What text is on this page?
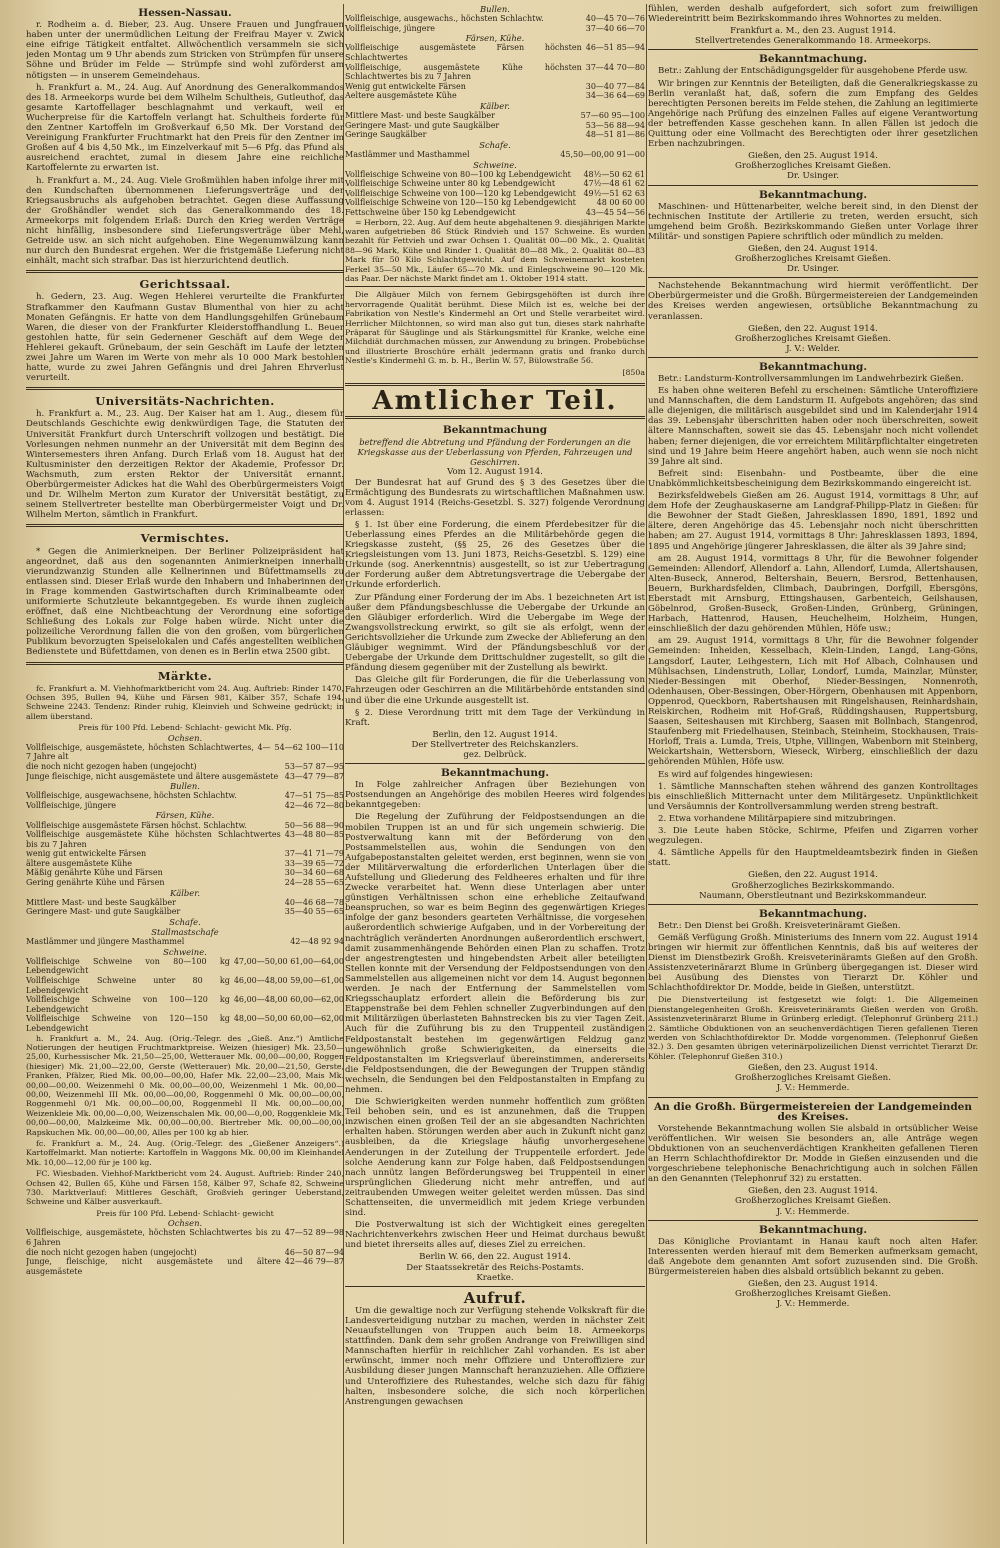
Hessen-Nassau.

r. Rodheim a. d. Bieber, 23. Aug. Unsere Frauen und Jungfrauen haben unter der unermüdlichen Leitung der Freifrau Mayer v. Zwick eine eifrige Tätigkeit entfaltet. Allwöchentlich versammeln sie sich jeden Montag um 9 Uhr abends zum Stricken von Strümpfen für unsere Söhne und Brüder im Felde — Strümpfe sind wohl zuförderst am nötigsten — in unserem Gemeindehaus.

h. Frankfurt a. M., 24. Aug. Auf Anordnung des Generalkommandos des 18. Armeekorps wurde bei dem Wilhelm Schultheis, Gutleuthof, das gesamte Kartoffellager beschlagnahmt und verkauft, weil er Wucherpreise für die Kartoffeln verlangt hat. Schultheis forderte für den Zentner Kartoffeln im Großverkauf 6,50 Mk. Der Vorstand der Vereinigung Frankfurter Fruchtmarkt hat den Preis für den Zentner im Großen auf 4 bis 4,50 Mk., im Einzelverkauf mit 5—6 Pfg. das Pfund als ausreichend erachtet, zumal in diesem Jahre eine reichliche Kartoffelernte zu erwarten ist.

h. Frankfurt a. M., 24. Aug. Viele Großmühlen haben infolge ihrer mit den Kundschaften übernommenen Lieferungsverträge und der Kriegsausbruchs als aufgehoben betrachtet. Gegen diese Auffassung der Großhändler wendet sich das Generalkommando des 18. Armeekorps mit folgendem Erlaß: Durch den Krieg werden Verträge nicht hinfällig, insbesondere sind Lieferungsverträge über Mehl, Getreide usw. an sich nicht aufgehoben. Eine Wegenumwälzung kann nur durch den Bundesrat ergehen. Wer die fristgemäße Lieferung nicht einhält, macht sich strafbar. Das ist hierzurichtend deutlich.

Gerichtssaal.

h. Gedern, 23. Aug. Wegen Hehlerei verurteilte die Frankfurter Strafkammer den Kaufmann Gustav Blumenthal von hier zu acht Monaten Gefängnis. Er hatte von dem Handlungsgehilfen Grünebaum Waren, die dieser von der Frankfurter Kleiderstoffhandlung L. Beuer gestohlen hatte, für sein Gedernener Geschäft auf dem Wege der Hehlerei gekauft. Grünebaum, der sein Geschäft im Laufe der letzten zwei Jahre um Waren im Werte von mehr als 10 000 Mark bestohlen hatte, wurde zu zwei Jahren Gefängnis und drei Jahren Ehrverlust verurteilt.

Universitäts-Nachrichten.

h. Frankfurt a. M., 23. Aug. Der Kaiser hat am 1. Aug., diesem für Deutschlands Geschichte ewig denkwürdigen Tage, die Statuten der Universität Frankfurt durch Unterschrift vollzogen und bestätigt. Die Vorlesungen nehmen nunmehr an der Universität mit dem Beginn des Wintersemesters ihren Anfang. Durch Erlaß vom 18. August hat der Kultusminister den derzeitigen Rektor der Akademie, Professor Dr. Wachsmuth, zum ersten Rektor der Universität ernannt. Oberbürgermeister Adickes hat die Wahl des Oberbürgermeisters Voigt und Dr. Wilhelm Merton zum Kurator der Universität bestätigt, zu seinem Stellvertreter bestellte man Oberbürgermeister Voigt und Dr. Wilhelm Merton, sämtlich in Frankfurt.

Vermischtes.

* Gegen die Animierkneipen. Der Berliner Polizeipräsident hat angeordnet, daß aus den sogenannten Animierkneipen innerhalb vierundzwanzig Stunden alle Kellnerinnen und Büfettmamsells zu entlassen sind. Dieser Erlaß wurde den Inhabern und Inhaberinnen der in Frage kommenden Gastwirtschaften durch Kriminalbeamte oder uniformierte Schutzleute bekanntgegeben. Es wurde ihnen zugleich eröffnet, daß eine Nichtbeachtung der Verordnung eine sofortige Schließung des Lokals zur Folge haben würde. Nicht unter die polizeiliche Verordnung fallen die von den großen, vom bürgerlichen Publikum bevorzugten Speiselokalen und Cafés angestellten weiblichen Bedienstete und Büfettdamen, von denen es in Berlin etwa 2500 gibt.

Märkte.

fc. Frankfurt a. M. Viehhofmarktbericht vom 24. Aug. Auftrieb: Rinder 1470, Ochsen 395, Bullen 94, Kühe und Färsen 981, Kälber 357, Schafe 194, Schweine 2243. Tendenz: Rinder ruhig, Kleinvieh und Schweine gedrückt; in allem überstand.

Preis für 100 Pfd. Lebend- Schlacht- gewicht Mk. Pfg.
Ochsen.
Vollfleischige, ausgemästete, höchsten Schlachtwertes, 4—7 Jahre alt
54—62 100—110
die noch nicht gezogen haben (ungejocht)	53—57 87—95
Junge fleischige, nicht ausgemästete und ältere ausgemästete 43—47 79—87
Bullen.
Vollfleischige, ausgewachsene, höchsten Schlachtw.	47—51 75—85
Vollfleischige, jüngere	42—46 72—80
Färsen, Kühe.
Vollfleischige ausgemästete Färsen höchst. Schlachtw.	50—56 88—90
Vollfleischige ausgemästete Kühe höchsten Schlachtwertes bis zu 7 Jahren
43—48 80—85
wenig gut entwickelte Färsen	37—41 71—79
ältere ausgemästete Kühe	33—39 65—72
Mäßig genährte Kühe und Färsen	30—34 60—68
Gering genährte Kühe und Färsen	24—28 55—65
Kälber.
Mittlere Mast- und beste Saugkälber	40—46 68—78
Geringere Mast- und gute Saugkälber	35—40 55—65
Schafe.
Stallmastschafe
Mastlämmer und jüngere Masthammel	42—48 92 94
Schweine.
Vollfleischige Schweine von 80—100 kg Lebendgewicht
47,00—50,00 61,00—64,00
Vollfleischige Schweine unter 80 kg Lebendgewicht
46,00—48,00 59,00—61,00
Vollfleischige Schweine von 100—120 kg Lebendgewicht
46,00—48,00 60,00—62,00
Vollfleischige Schweine von 120—150 kg Lebendgewicht
48,00—50,00 60,00—62,00

h. Frankfurt a. M., 24. Aug. (Orig.-Telegr. des „Gieß. Anz.“) Amtliche Notierungen der heutigen Fruchtmarktpreise. Weizen (hiesiger) Mk. 23,50—25,00, Kurhessischer Mk. 21,50—25,00, Wetterauer Mk. 00,00—00,00, Roggen (hiesiger) Mk. 21,00—22,00, Gerste (Wetterauer) Mk. 20,00—21,50, Gerste, Franken, Pfälzer, Ried Mk. 00,00—00,00, Hafer Mk. 22,00—23,00, Mais Mk. 00,00—00,00. Weizenmehl 0 Mk. 00,00—00,00, Weizenmehl 1 Mk. 00,00—00,00, Weizenmehl III Mk. 00,00—00,00, Roggenmehl 0 Mk. 00,00—00,00, Roggenmehl 0/1 Mk. 00,00—00,00, Roggenmehl II Mk. 00,00—00,00, Weizenkleie Mk. 00,00—0,00, Weizenschalen Mk. 00,00—0,00, Roggenkleie Mk. 00,00—00,00, Malzkeime Mk. 00,00—00,00. Biertreber Mk. 00,00—00,00, Rapskuchen Mk. 00,00—00,00, Alles per 100 kg ab hier.

fc. Frankfurt a. M., 24. Aug. (Orig.-Telegr. des „Gießener Anzeigers“.) Kartoffelmarkt. Man notierte: Kartoffeln in Waggons Mk. 00,00 im Kleinhandel Mk. 10,00—12,00 für je 100 kg.

FC. Wiesbaden. Viehhof-Marktbericht vom 24. August. Auftrieb: Rinder 240, Ochsen 42, Bullen 65, Kühe und Färsen 158, Kälber 97, Schafe 82, Schweine 730. Marktverlauf: Mittleres Geschäft, Großvieh geringer Ueberstand, Schweine und Kälber ausverkauft.

Preis für 100 Pfd. Lebend- Schlacht- gewicht
Ochsen.
Vollfleischige, ausgemästete, höchsten Schlachtwertes bis zu 6 Jahren
47—52 89—98
die noch nicht gezogen haben (ungejocht)	46—50 87—94
Junge, fleischige, nicht ausgemästete und ältere ausgemästete
42—46 79—87
Bullen.
Vollfleischige, ausgewachs., höchsten Schlachtw.	40—45 70—76
Vollfleischige, jüngere	37—40 66—70
Färsen, Kühe.
Vollfleischige ausgemästete Färsen höchsten Schlachtwertes
46—51 85—94
Vollfleischige, ausgemästete Kühe höchsten Schlachtwertes bis zu 7 Jahren
37—44 70—80
Wenig gut entwickelte Färsen	30—40 77—84
Aeltere ausgemästete Kühe	34—36 64—69
Kälber.
Mittlere Mast- und beste Saugkälber	57—60 95—100
Geringere Mast- und gute Saugkälber	53—56 88—94
Geringe Saugkälber	48—51 81—86
Schafe.
Mastlämmer und Masthammel	45,50—00,00 91—00
Schweine.
Vollfleischige Schweine von 80—100 kg Lebendgewicht 48½—50 62 61
Vollfleischige Schweine unter 80 kg Lebendgewicht	47½—48 61 62
Vollfleischige Schweine von 100—120 kg Lebendgewicht 49½—51 62 63
Vollfleischige Schweine von 120—150 kg Lebendgewicht	48 00 60 00
Fettschweine über 150 kg Lebendgewicht	43—45 54—56

= Herborn, 22. Aug. Auf dem heute abgehaltenen 9. diesjährigen Markte waren aufgetrieben 86 Stück Rindvieh und 157 Schweine. Es wurden bezahlt für Fettvieh und zwar Ochsen 1. Qualität 00—00 Mk., 2. Qualität 88—96 Mark, Kühe und Rinder 1. Qualität 80—88 Mk., 2. Qualität 80—83 Mark für 50 Kilo Schlachtgewicht. Auf dem Schweinemarkt kosteten Ferkel 35—50 Mk., Läufer 65—70 Mk. und Einlegschweine 90—120 Mk. das Paar. Der nächste Markt findet am 1. Oktober 1914 statt.

Die Allgäuer Milch von fernem Gebirgsgehöften ist durch ihre hervorragende Qualität berühmt. Diese Milch ist es, welche bei der Fabrikation von Nestle's Kindermehl an Ort und Stelle verarbeitet wird. Herrlicher Milchtonnen, so wird man also gut tun, dieses stark nahrhafte Präparat für Säuglinge und als Stärkungsmittel für Kranke, welche eine Milchdiät durchmachen müssen, zur Anwendung zu bringen. Probebüchse und illustrierte Broschüre erhält jedermann gratis und franko durch Nestle's Kindermehl G. m. b. H., Berlin W. 57, Bülowstraße 56.

[850a
Amtlicher Teil.
Bekanntmachung
betreffend die Abtretung und Pfändung der Forderungen an die Kriegskasse aus der Ueberlassung von Pferden, Fahrzeugen und Geschirren.
Vom 12. August 1914.

Der Bundesrat hat auf Grund des § 3 des Gesetzes über die Ermächtigung des Bundesrats zu wirtschaftlichen Maßnahmen usw. vom 4. August 1914 (Reichs-Gesetzbl. S. 327) folgende Verordnung erlassen:

§ 1. Ist über eine Forderung, die einem Pferdebesitzer für die Ueberlassung eines Pferdes an die Militärbehörde gegen die Kriegskasse zusteht, (§§ 25, 26 des Gesetzes über die Kriegsleistungen vom 13. Juni 1873, Reichs-Gesetzbl. S. 129) eine Urkunde (sog. Anerkenntnis) ausgestellt, so ist zur Uebertragung der Forderung außer dem Abtretungsvertrage die Uebergabe der Urkunde erforderlich.

Zur Pfändung einer Forderung der im Abs. 1 bezeichneten Art ist außer dem Pfändungsbeschlusse die Uebergabe der Urkunde an den Gläubiger erforderlich. Wird die Uebergabe im Wege der Zwangsvollstreckung erwirkt, so gilt sie als erfolgt, wenn der Gerichtsvollzieher die Urkunde zum Zwecke der Ablieferung an den Gläubiger wegnimmt. Wird der Pfändungsbeschluß vor der Uebergabe der Urkunde dem Drittschuldner zugestellt, so gilt die Pfändung diesem gegenüber mit der Zustellung als bewirkt.

Das Gleiche gilt für Forderungen, die für die Ueberlassung von Fahrzeugen oder Geschirren an die Militärbehörde entstanden sind und über die eine Urkunde ausgestellt ist.

§ 2. Diese Verordnung tritt mit dem Tage der Verkündung in Kraft.

Berlin, den 12. August 1914.
Der Stellvertreter des Reichskanzlers.
gez. Delbrück.
Bekanntmachung.

In Folge zahlreicher Anfragen über Beziehungen von Postsendungen an Angehörige des mobilen Heeres wird folgendes bekanntgegeben:

Die Regelung der Zuführung der Feldpostsendungen an die mobilen Truppen ist an und für sich ungemein schwierig. Die Postverwaltung kann mit der Beförderung von den Postsammelstellen aus, wohin die Sendungen von den Aufgabepostanstalten geleitet werden, erst beginnen, wenn sie von der Militärverwaltung die erforderlichen Unterlagen über die Aufstellung und Gliederung des Feldheeres erhalten und für ihre Zwecke verarbeitet hat. Wenn diese Unterlagen aber unter günstigen Verhältnissen schon eine erhebliche Zeitaufwand beanspruchen, so war es beim Beginn des gegenwärtigen Krieges infolge der ganz besonders gearteten Verhältnisse, die vorgesehen außerordentlich schwierige Aufgaben, und in der Vorbereitung der nachträglich veränderten Anordnungen außerordentlich erschwert, damit zusammenhängende Behörden einen Plan zu schaffen. Trotz der angestrengtesten und hingebendsten Arbeit aller beteiligten Stellen konnte mit der Versendung der Feldpostsendungen von den Sammelstellen aus allgemeinen nicht vor dem 14. August begonnen werden. Je nach der Entfernung der Sammelstellen vom Kriegsschauplatz erfordert allein die Beförderung bis zur Etappenstraße bei dem Fehlen schneller Zugverbindungen auf den mit Militärzügen überlasteten Bahnstrecken bis zu vier Tagen Zeit. Auch für die Zuführung bis zu den Truppenteil zuständigen Feldpostanstalt bestehen im gegenwärtigen Feldzug ganz ungewöhnlich große Schwierigkeiten, da einerseits die Feldpostanstalten im Kriegsverlauf übereinstimmen, andererseits die Feldpostsendungen, die der Bewegungen der Truppen ständig wechseln, die Sendungen bei den Feldpostanstalten in Empfang zu nehmen.

Die Schwierigkeiten werden nunmehr hoffentlich zum größten Teil behoben sein, und es ist anzunehmen, daß die Truppen inzwischen einen großen Teil der an sie abgesandten Nachrichten erhalten haben. Störungen werden aber auch in Zukunft nicht ganz ausbleiben, da die Kriegslage häufig unvorhergesehene Aenderungen in der Zuteilung der Truppenteile erfordert. Jede solche Aenderung kann zur Folge haben, daß Feldpostsendungen nach unnütz langen Beförderungsweg bei Truppenteil in einer ursprünglichen Gliederung nicht mehr antreffen, und auf zeitraubenden Umwegen weiter geleitet werden müssen. Das sind Schattenseiten, die unvermeidlich mit jedem Kriege verbunden sind.

Die Postverwaltung ist sich der Wichtigkeit eines geregelten Nachrichtenverkehrs zwischen Heer und Heimat durchaus bewußt und bietet ihrerseits alles auf, dieses Ziel zu erreichen.

Berlin W. 66, den 22. August 1914.
Der Staatssekretär des Reichs-Postamts.
Kraetke.
Aufruf.

Um die gewaltige noch zur Verfügung stehende Volkskraft für die Landesverteidigung nutzbar zu machen, werden in nächster Zeit Neuaufstellungen von Truppen auch beim 18. Armeekorps stattfinden. Dank dem sehr großen Andrange von Freiwilligen sind Mannschaften hierfür in reichlicher Zahl vorhanden. Es ist aber erwünscht, immer noch mehr Offiziere und Unteroffiziere zur Ausbildung dieser jungen Mannschaft heranzuziehen. Alle Offiziere und Unteroffiziere des Ruhestandes, welche sich dazu für fähig halten, insbesondere solche, die sich noch körperlichen Anstrengungen gewachsen

fühlen, werden deshalb aufgefordert, sich sofort zum freiwilligen Wiedereintritt beim Bezirkskommando ihres Wohnortes zu melden.

Frankfurt a. M., den 23. August 1914.
Stellvertretendes Generalkommando 18. Armeekorps.
Bekanntmachung.

Betr.: Zahlung der Entschädigungsgelder für ausgehobene Pferde usw.

Wir bringen zur Kenntnis der Beteiligten, daß die Generalkriegskasse zu Berlin veranlaßt hat, daß, sofern die zum Empfang des Geldes berechtigten Personen bereits im Felde stehen, die Zahlung an legitimierte Angehörige nach Prüfung des einzelnen Falles auf eigene Verantwortung der betreffenden Kasse geschehen kann. In allen Fällen ist jedoch die Quittung oder eine Vollmacht des Berechtigten oder ihrer gesetzlichen Erben nachzubringen.

Gießen, den 25. August 1914.
Großherzogliches Kreisamt Gießen.
Dr. Usinger.
Bekanntmachung.

Maschinen- und Hüttenarbeiter, welche bereit sind, in den Dienst der technischen Institute der Artillerie zu treten, werden ersucht, sich umgehend beim Großh. Bezirkskommando Gießen unter Vorlage ihrer Militär- und sonstigen Papiere schriftlich oder mündlich zu melden.

Gießen, den 24. August 1914.
Großherzogliches Kreisamt Gießen.
Dr. Usinger.

Nachstehende Bekanntmachung wird hiermit veröffentlicht. Der Oberbürgermeister und die Großh. Bürgermeistereien der Landgemeinden des Kreises werden angewiesen, ortsübliche Bekanntmachung zu veranlassen.

Gießen, den 22. August 1914.
Großherzogliches Kreisamt Gießen.
J. V.: Welder.
Bekanntmachung.

Betr.: Landsturm-Kontrollversammlungen im Landwehrbezirk Gießen.

Es haben ohne weiteren Befehl zu erscheinen: Sämtliche Unteroffiziere und Mannschaften, die dem Landsturm II. Aufgebots angehören; das sind alle diejenigen, die militärisch ausgebildet sind und im Kalenderjahr 1914 das 39. Lebensjahr überschritten haben oder noch überschreiten, soweit ältere Mannschaften, soweit sie das 45. Lebensjahr noch nicht vollendet haben; ferner diejenigen, die vor erreichtem Militärpflichtalter eingetreten sind und 19 Jahre beim Heere angehört haben, auch wenn sie noch nicht 39 Jahre alt sind.

Befreit sind: Eisenbahn- und Postbeamte, über die eine Unabkömmlichkeitsbescheinigung dem Bezirkskommando eingereicht ist.

Bezirksfeldwebels Gießen am 26. August 1914, vormittags 8 Uhr, auf dem Hofe der Zeughauskaserne am Landgraf-Philipp-Platz in Gießen: für die Bewohner der Stadt Gießen, Jahresklassen 1890, 1891, 1892 und ältere, deren Angehörige das 45. Lebensjahr noch nicht überschritten haben; am 27. August 1914, vormittags 8 Uhr: Jahresklassen 1893, 1894, 1895 und Angehörige jüngerer Jahresklassen, die älter als 39 Jahre sind;

am 28. August 1914, vormittags 8 Uhr, für die Bewohner folgender Gemeinden: Allendorf, Allendorf a. Lahn, Allendorf, Lumda, Allertshausen, Alten-Buseck, Annerod, Beltershain, Beuern, Bersrod, Bettenhausen, Beuern, Burkhardsfelden, Climbach, Daubringen, Dorfgill, Ebersgöns, Eberstadt mit Arnsburg, Ettingshausen, Garbenteich, Geilshausen, Göbelnrod, Großen-Buseck, Großen-Linden, Grünberg, Grüningen, Harbach, Hattenrod, Hausen, Heuchelheim, Holzheim, Hungen, einschließlich der dazu gehörenden Mühlen, Höfe usw.;

am 29. August 1914, vormittags 8 Uhr, für die Bewohner folgender Gemeinden: Inheiden, Kesselbach, Klein-Linden, Langd, Lang-Göns, Langsdorf, Lauter, Leihgestern, Lich mit Hof Albach, Colnhausen und Mühlsachsen, Lindenstruth, Lollar, Londorf, Lumda, Mainzlar, Münster, Nieder-Bessingen mit Oberhof, Nieder-Bessingen, Nonnenroth, Odenhausen, Ober-Bessingen, Ober-Hörgern, Obenhausen mit Appenborn, Oppenrod, Queckborn, Rabertshausen mit Ringelshausen, Reinhardshain, Reiskirchen, Rodheim mit Hof-Graß, Rüddingshausen, Ruppertsburg, Saasen, Seiteshausen mit Kirchberg, Saasen mit Bollnbach, Stangenrod, Staufenberg mit Friedelhausen, Steinbach, Steinheim, Stockhausen, Trais-Horloff, Trais a. Lumda, Treis, Utphe, Villingen, Wabenborn mit Steinberg, Weickartshain, Wettersborn, Wieseck, Wirberg, einschließlich der dazu gehörenden Mühlen, Höfe usw.

Es wird auf folgendes hingewiesen:

1. Sämtliche Mannschaften stehen während des ganzen Kontrolltages bis einschließlich Mitternacht unter dem Militärgesetz. Unpünktlichkeit und Versäumnis der Kontrollversammlung werden streng bestraft.

2. Etwa vorhandene Militärpapiere sind mitzubringen.

3. Die Leute haben Stöcke, Schirme, Pfeifen und Zigarren vorher wegzulegen.

4. Sämtliche Appells für den Hauptmeldeamtsbezirk finden in Gießen statt.

Gießen, den 22. August 1914.
Großherzogliches Bezirkskommando.
Naumann, Oberstleutnant und Bezirkskommandeur.
Bekanntmachung.

Betr.: Den Dienst bei Großh. Kreisveterinäramt Gießen.

Gemäß Verfügung Großh. Ministeriums des Innern vom 22. August 1914 bringen wir hiermit zur öffentlichen Kenntnis, daß bis auf weiteres der Dienst im Dienstbezirk Großh. Kreisveterinäramts Gießen auf den Großh. Assistenzveterinärarzt Blume in Grünberg übergegangen ist. Dieser wird bei Ausübung des Dienstes von Tierarzt Dr. Köhler und Schlachthofdirektor Dr. Modde, beide in Gießen, unterstützt.

Die Dienstverteilung ist festgesetzt wie folgt: 1. Die Allgemeinen Dienstangelegenheiten Großh. Kreisveterinäramts Gießen werden von Großh. Assistenzveterinärarzt Blume in Grünberg erledigt. (Telephonruf Grünberg 211.) 2. Sämtliche Obduktionen von an seuchenverdächtigen Tieren gefallenen Tieren werden von Schlachthofdirektor Dr. Modde vorgenommen. (Telephonruf Gießen 32.) 3. Den gesamten übrigen veterinärpolizeilichen Dienst verrichtet Tierarzt Dr. Köhler. (Telephonruf Gießen 310.)

Gießen, den 23. August 1914.
Großherzogliches Kreisamt Gießen.
J. V.: Hemmerde.
An die Großh. Bürgermeistereien der Landgemeinden des Kreises.

Vorstehende Bekanntmachung wollen Sie alsbald in ortsüblicher Weise veröffentlichen. Wir weisen Sie besonders an, alle Anträge wegen Obduktionen von an seuchenverdächtigen Krankheiten gefallenen Tieren an Herrn Schlachthofdirektor Dr. Modde in Gießen einzusenden und die vorgeschriebene telephonische Benachrichtigung auch in solchen Fällen an den Genannten (Telephonruf 32) zu erstatten.

Gießen, den 23. August 1914.
Großherzogliches Kreisamt Gießen.
J. V.: Hemmerde.
Bekanntmachung.

Das Königliche Proviantamt in Hanau kauft noch alten Hafer. Interessenten werden hierauf mit dem Bemerken aufmerksam gemacht, daß Angebote dem genannten Amt sofort zuzusenden sind. Die Großh. Bürgermeistereien haben dies alsbald ortsüblich bekannt zu geben.

Gießen, den 23. August 1914.
Großherzogliches Kreisamt Gießen.
J. V.: Hemmerde.
